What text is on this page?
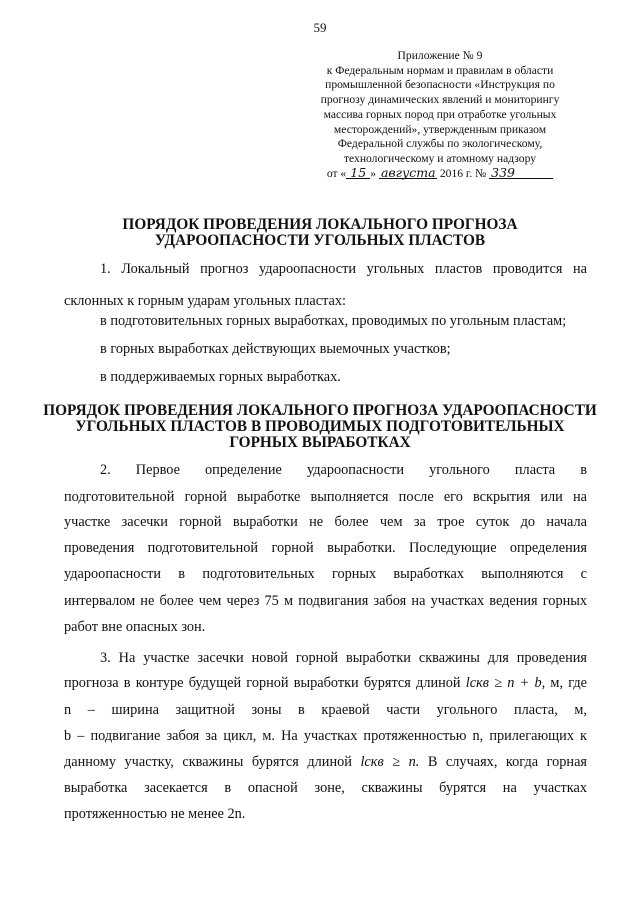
59
Приложение № 9
к Федеральным нормам и правилам в области
промышленной безопасности «Инструкция по
прогнозу динамических явлений и мониторингу
массива горных пород при отработке угольных
месторождений», утвержденным приказом
Федеральной службы по экологическому,
технологическому и атомному надзору
от « 15 » августа 2016 г. № 339
ПОРЯДОК ПРОВЕДЕНИЯ ЛОКАЛЬНОГО ПРОГНОЗА
УДАРООПАСНОСТИ УГОЛЬНЫХ ПЛАСТОВ
1. Локальный прогноз удароопасности угольных пластов проводится на
склонных к горным ударам угольных пластах:
в подготовительных горных выработках, проводимых по угольным пластам;
в горных выработках действующих выемочных участков;
в поддерживаемых горных выработках.
ПОРЯДОК ПРОВЕДЕНИЯ ЛОКАЛЬНОГО ПРОГНОЗА УДАРООПАСНОСТИ
УГОЛЬНЫХ ПЛАСТОВ В ПРОВОДИМЫХ ПОДГОТОВИТЕЛЬНЫХ
ГОРНЫХ ВЫРАБОТКАХ
2. Первое определение удароопасности угольного пласта в
подготовительной горной выработке выполняется после его вскрытия или на
участке засечки горной выработки не более чем за трое суток до начала
проведения подготовительной горной выработки. Последующие определения
удароопасности в подготовительных горных выработках выполняются с
интервалом не более чем через 75 м подвигания забоя на участках ведения горных
работ вне опасных зон.
3. На участке засечки новой горной выработки скважины для проведения
прогноза в контуре будущей горной выработки бурятся длиной lскв ≥ n + b, м, где
n – ширина защитной зоны в краевой части угольного пласта, м,
b – подвигание забоя за цикл, м. На участках протяженностью n, прилегающих к
данному участку, скважины бурятся длиной lскв ≥ n. В случаях, когда горная
выработка засекается в опасной зоне, скважины бурятся на участках
протяженностью не менее 2n.
